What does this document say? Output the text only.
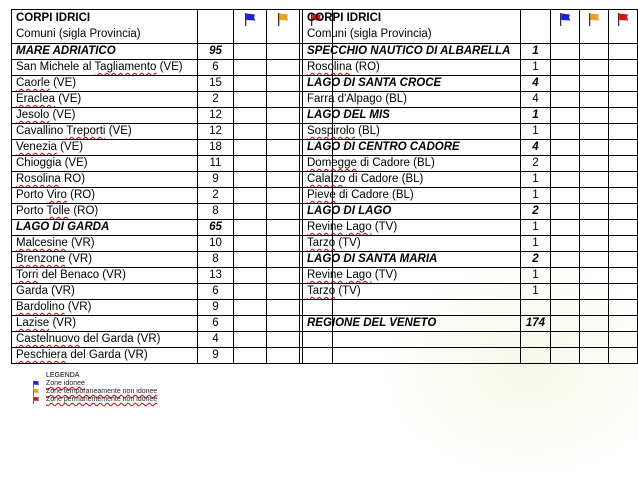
CORPI IDRICI
Comuni (sigla Provincia)

MARE ADRIATICO	95			
San Michele al Tagliamento (VE)	6			
Caorle (VE)	15			
Eraclea (VE)	2			
Jesolo (VE)	12			
Cavallino Treporti (VE)	12			
Venezia (VE)	18			
Chioggia (VE)	11			
Rosolina RO)	9			
Porto Viro (RO)	2			
Porto Tolle (RO)	8			
LAGO DI GARDA	65			
Malcesine (VR)	10			
Brenzone (VR)	8			
Torri del Benaco (VR)	13			
Garda (VR)	6			
Bardolino (VR)	9			
Lazise (VR)	6			
Castelnuovo del Garda (VR)	4			
Peschiera del Garda (VR)	9			
CORPI IDRICI
Comuni (sigla Provincia)

SPECCHIO NAUTICO DI ALBARELLA	1			
Rosolina (RO)	1			
LAGO DI SANTA CROCE	4			
Farra d'Alpago (BL)	4			
LAGO DEL MIS	1			
Sospirolo (BL)	1			
LAGO DI CENTRO CADORE	4			
Domegge di Cadore (BL)	2			
Calalzo di Cadore (BL)	1			
Pieve di Cadore (BL)	1			
LAGO DI LAGO	2			
Revine Lago (TV)	1			
Tarzo (TV)	1			
LAGO DI SANTA MARIA	2			
Revine Lago (TV)	1			
Tarzo (TV)	1			

REGIONE DEL VENETO	174			

LEGENDA
Zone idonee
Zone temporaneamente non idonee
Zone permanentemente non idonee
